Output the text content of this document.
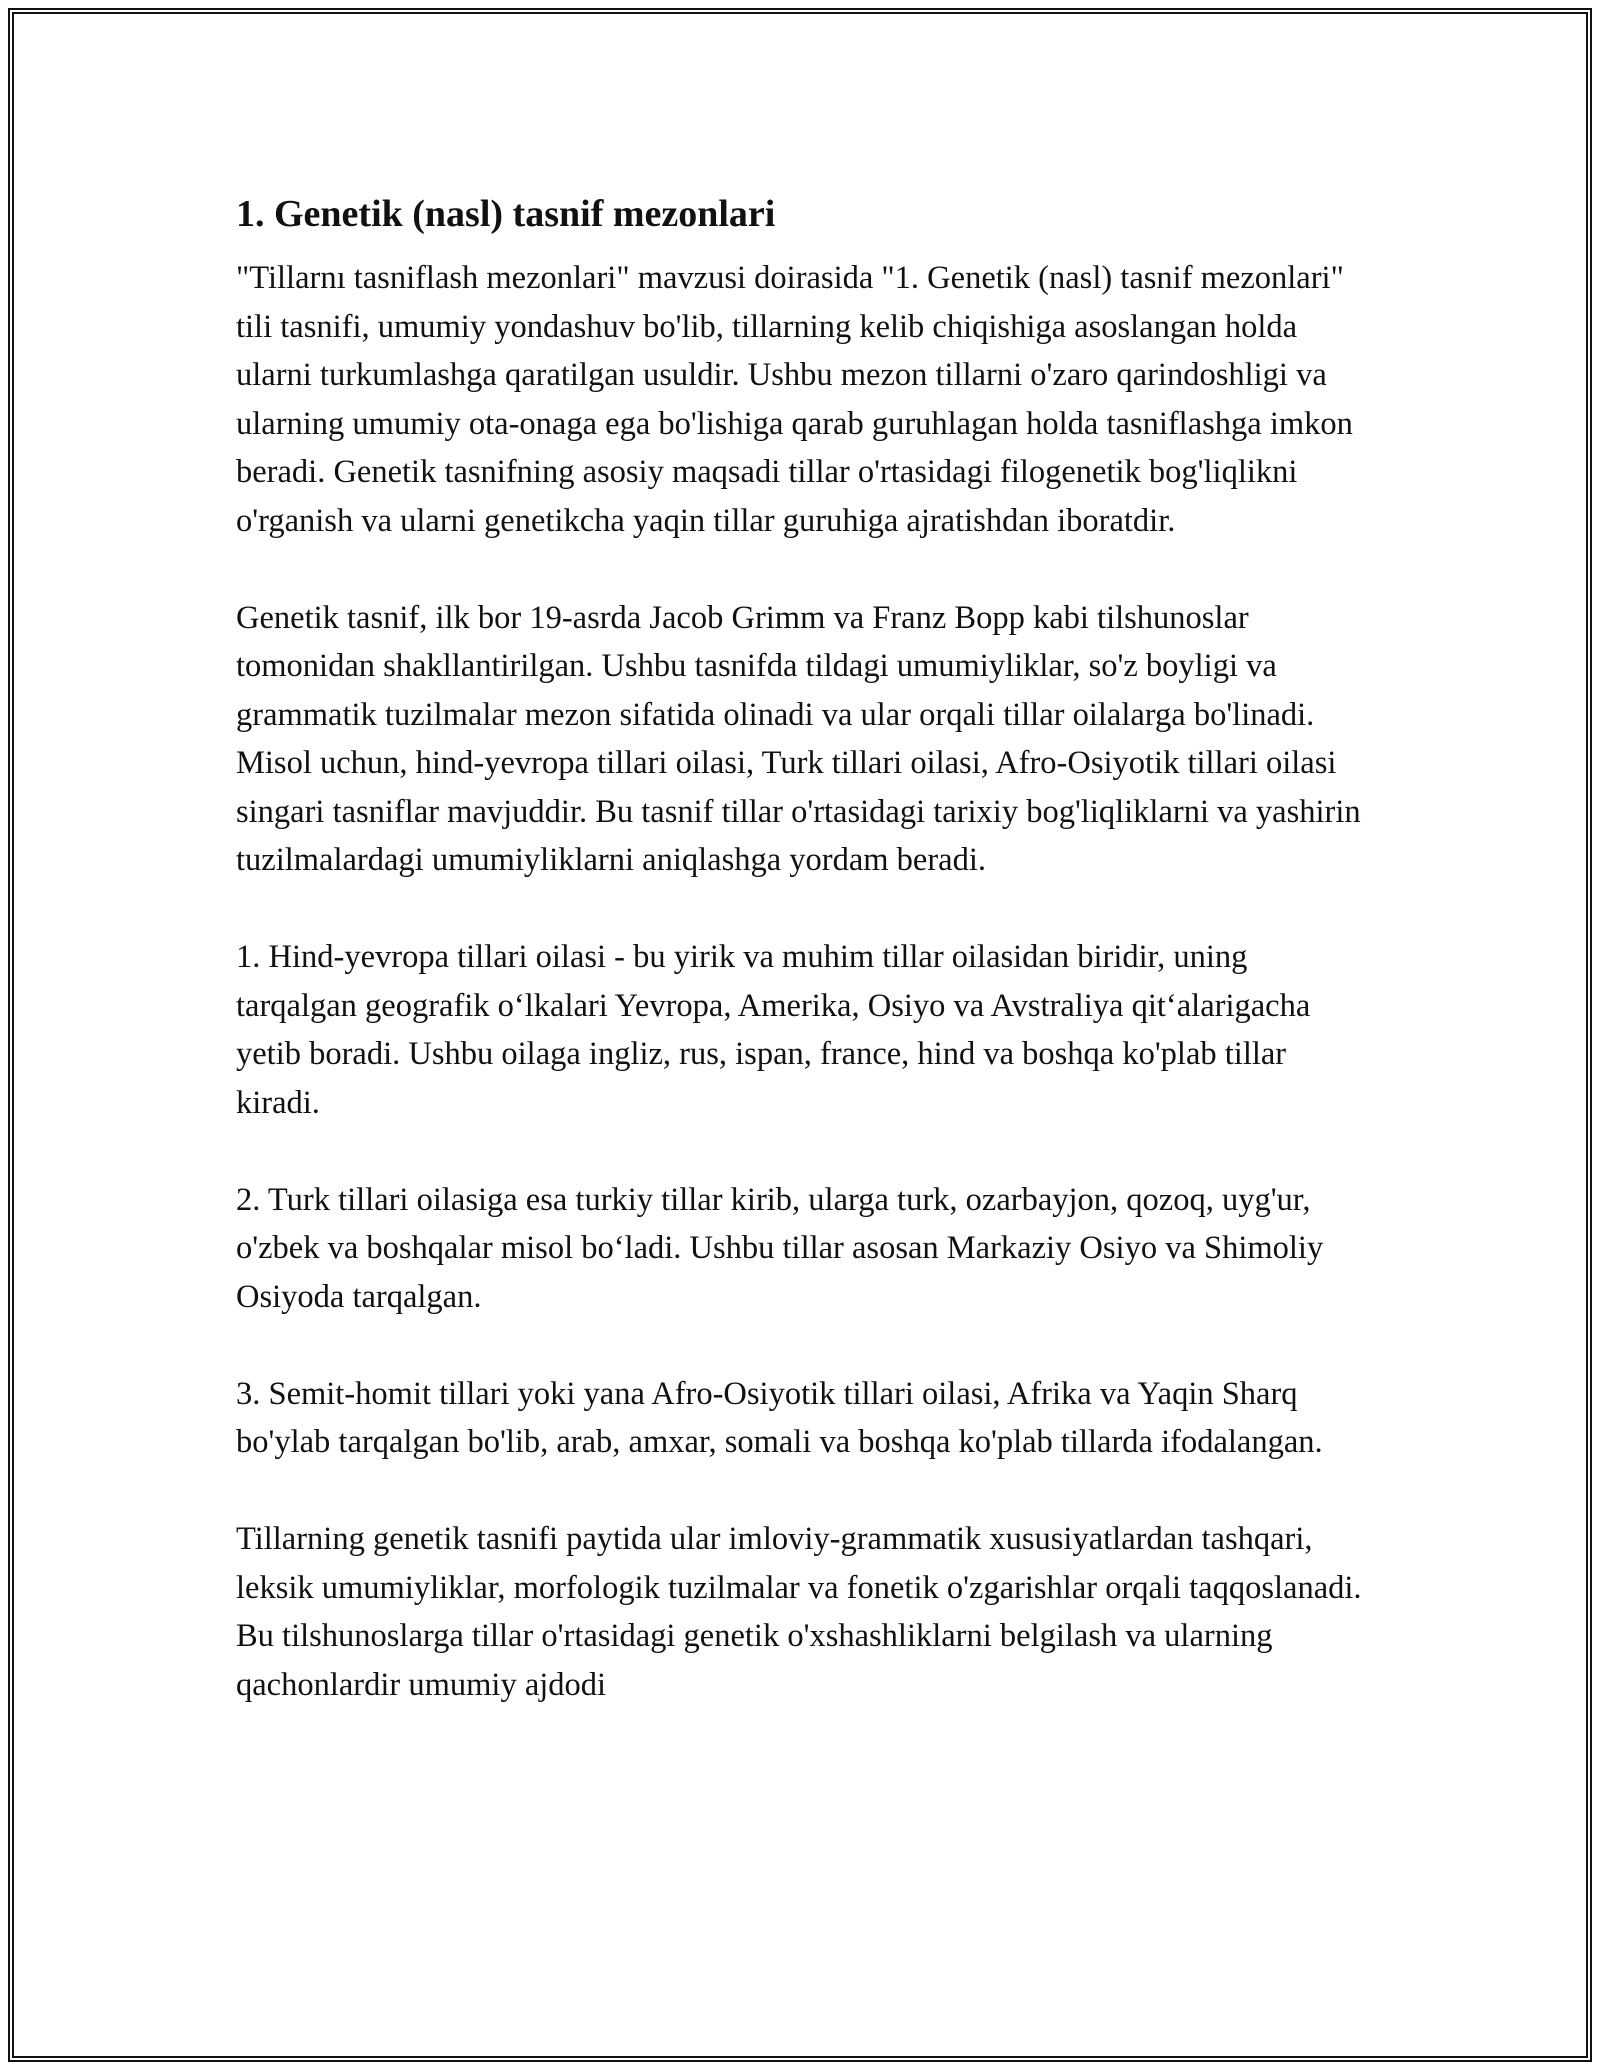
1. Genetik (nasl) tasnif mezonlari

"Tillarnı tasniflash mezonlari" mavzusi doirasida "1. Genetik (nasl) tasnif mezonlari" tili tasnifi, umumiy yondashuv bo'lib, tillarning kelib chiqishiga asoslangan holda ularni turkumlashga qaratilgan usuldir. Ushbu mezon tillarni o'zaro qarindoshligi va ularning umumiy ota-onaga ega bo'lishiga qarab guruhlagan holda tasniflashga imkon beradi. Genetik tasnifning asosiy maqsadi tillar o'rtasidagi filogenetik bog'liqlikni o'rganish va ularni genetikcha yaqin tillar guruhiga ajratishdan iboratdir.

Genetik tasnif, ilk bor 19-asrda Jacob Grimm va Franz Bopp kabi tilshunoslar tomonidan shakllantirilgan. Ushbu tasnifda tildagi umumiyliklar, so'z boyligi va grammatik tuzilmalar mezon sifatida olinadi va ular orqali tillar oilalarga bo'linadi. Misol uchun, hind-yevropa tillari oilasi, Turk tillari oilasi, Afro-Osiyotik tillari oilasi singari tasniflar mavjuddir. Bu tasnif tillar o'rtasidagi tarixiy bog'liqliklarni va yashirin tuzilmalardagi umumiyliklarni aniqlashga yordam beradi.

1. Hind-yevropa tillari oilasi - bu yirik va muhim tillar oilasidan biridir, uning tarqalgan geografik o‘lkalari Yevropa, Amerika, Osiyo va Avstraliya qit‘alarigacha yetib boradi. Ushbu oilaga ingliz, rus, ispan, france, hind va boshqa ko'plab tillar kiradi.

2. Turk tillari oilasiga esa turkiy tillar kirib, ularga turk, ozarbayjon, qozoq, uyg'ur, o'zbek va boshqalar misol bo‘ladi. Ushbu tillar asosan Markaziy Osiyo va Shimoliy Osiyoda tarqalgan.

3. Semit-homit tillari yoki yana Afro-Osiyotik tillari oilasi, Afrika va Yaqin Sharq bo'ylab tarqalgan bo'lib, arab, amxar, somali va boshqa ko'plab tillarda ifodalangan.

Tillarning genetik tasnifi paytida ular imloviy-grammatik xususiyatlardan tashqari, leksik umumiyliklar, morfologik tuzilmalar va fonetik o'zgarishlar orqali taqqoslanadi. Bu tilshunoslarga tillar o'rtasidagi genetik o'xshashliklarni belgilash va ularning qachonlardir umumiy ajdodi
